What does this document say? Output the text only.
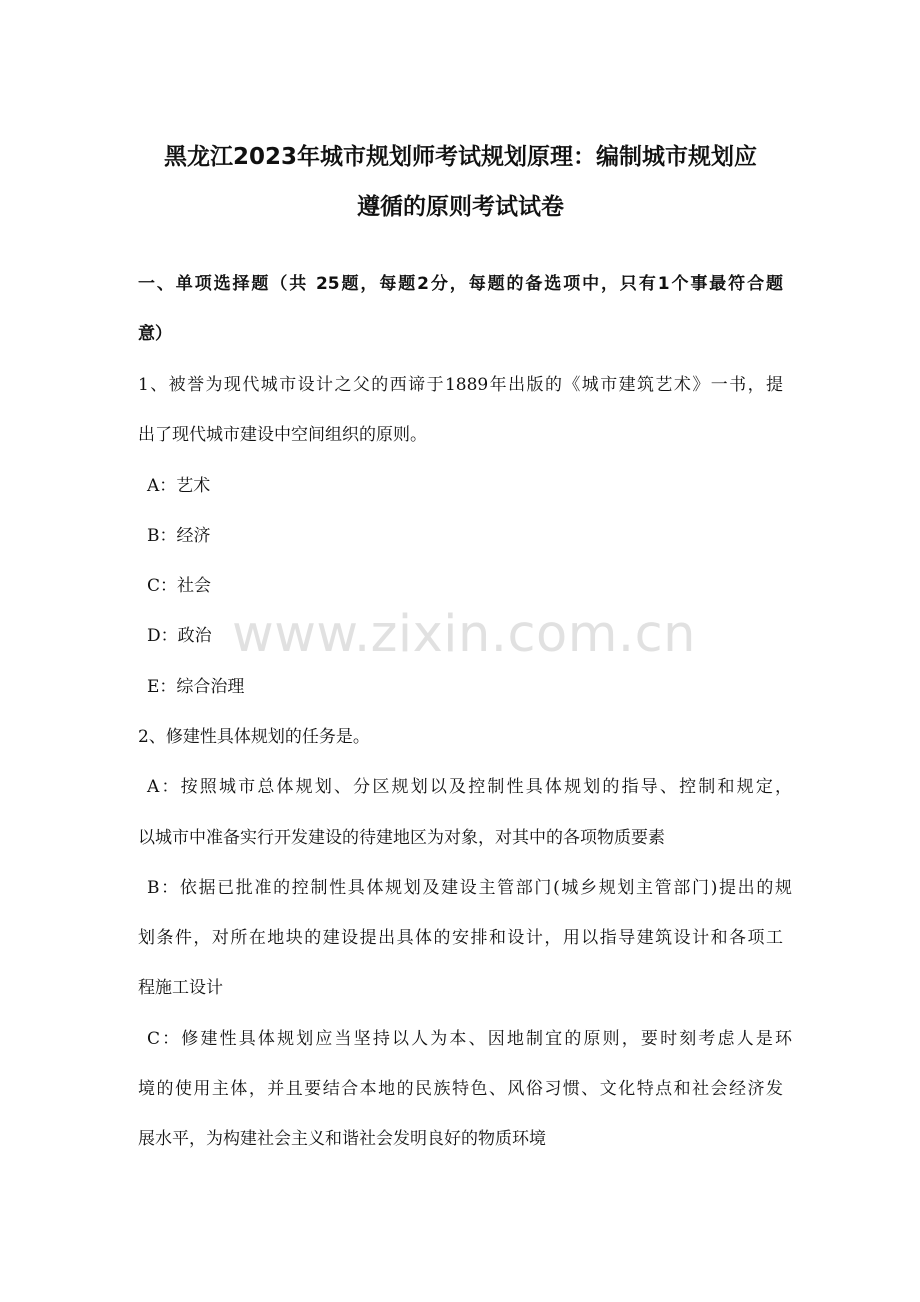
黑龙江2023年城市规划师考试规划原理：编制城市规划应
遵循的原则考试试卷
一、单项选择题（共 25题，每题2分，每题的备选项中，只有1个事最符合题
意）
1、被誉为现代城市设计之父的西谛于1889年出版的《城市建筑艺术》一书，提
出了现代城市建设中空间组织的原则。
A：艺术
B：经济
C：社会
D：政治
E：综合治理
2、修建性具体规划的任务是。
A：按照城市总体规划、分区规划以及控制性具体规划的指导、控制和规定，
以城市中准备实行开发建设的待建地区为对象，对其中的各项物质要素
B：依据已批准的控制性具体规划及建设主管部门(城乡规划主管部门)提出的规
划条件，对所在地块的建设提出具体的安排和设计，用以指导建筑设计和各项工
程施工设计
C：修建性具体规划应当坚持以人为本、因地制宜的原则，要时刻考虑人是环
境的使用主体，并且要结合本地的民族特色、风俗习惯、文化特点和社会经济发
展水平，为构建社会主义和谐社会发明良好的物质环境
www.zixin.com.cn
